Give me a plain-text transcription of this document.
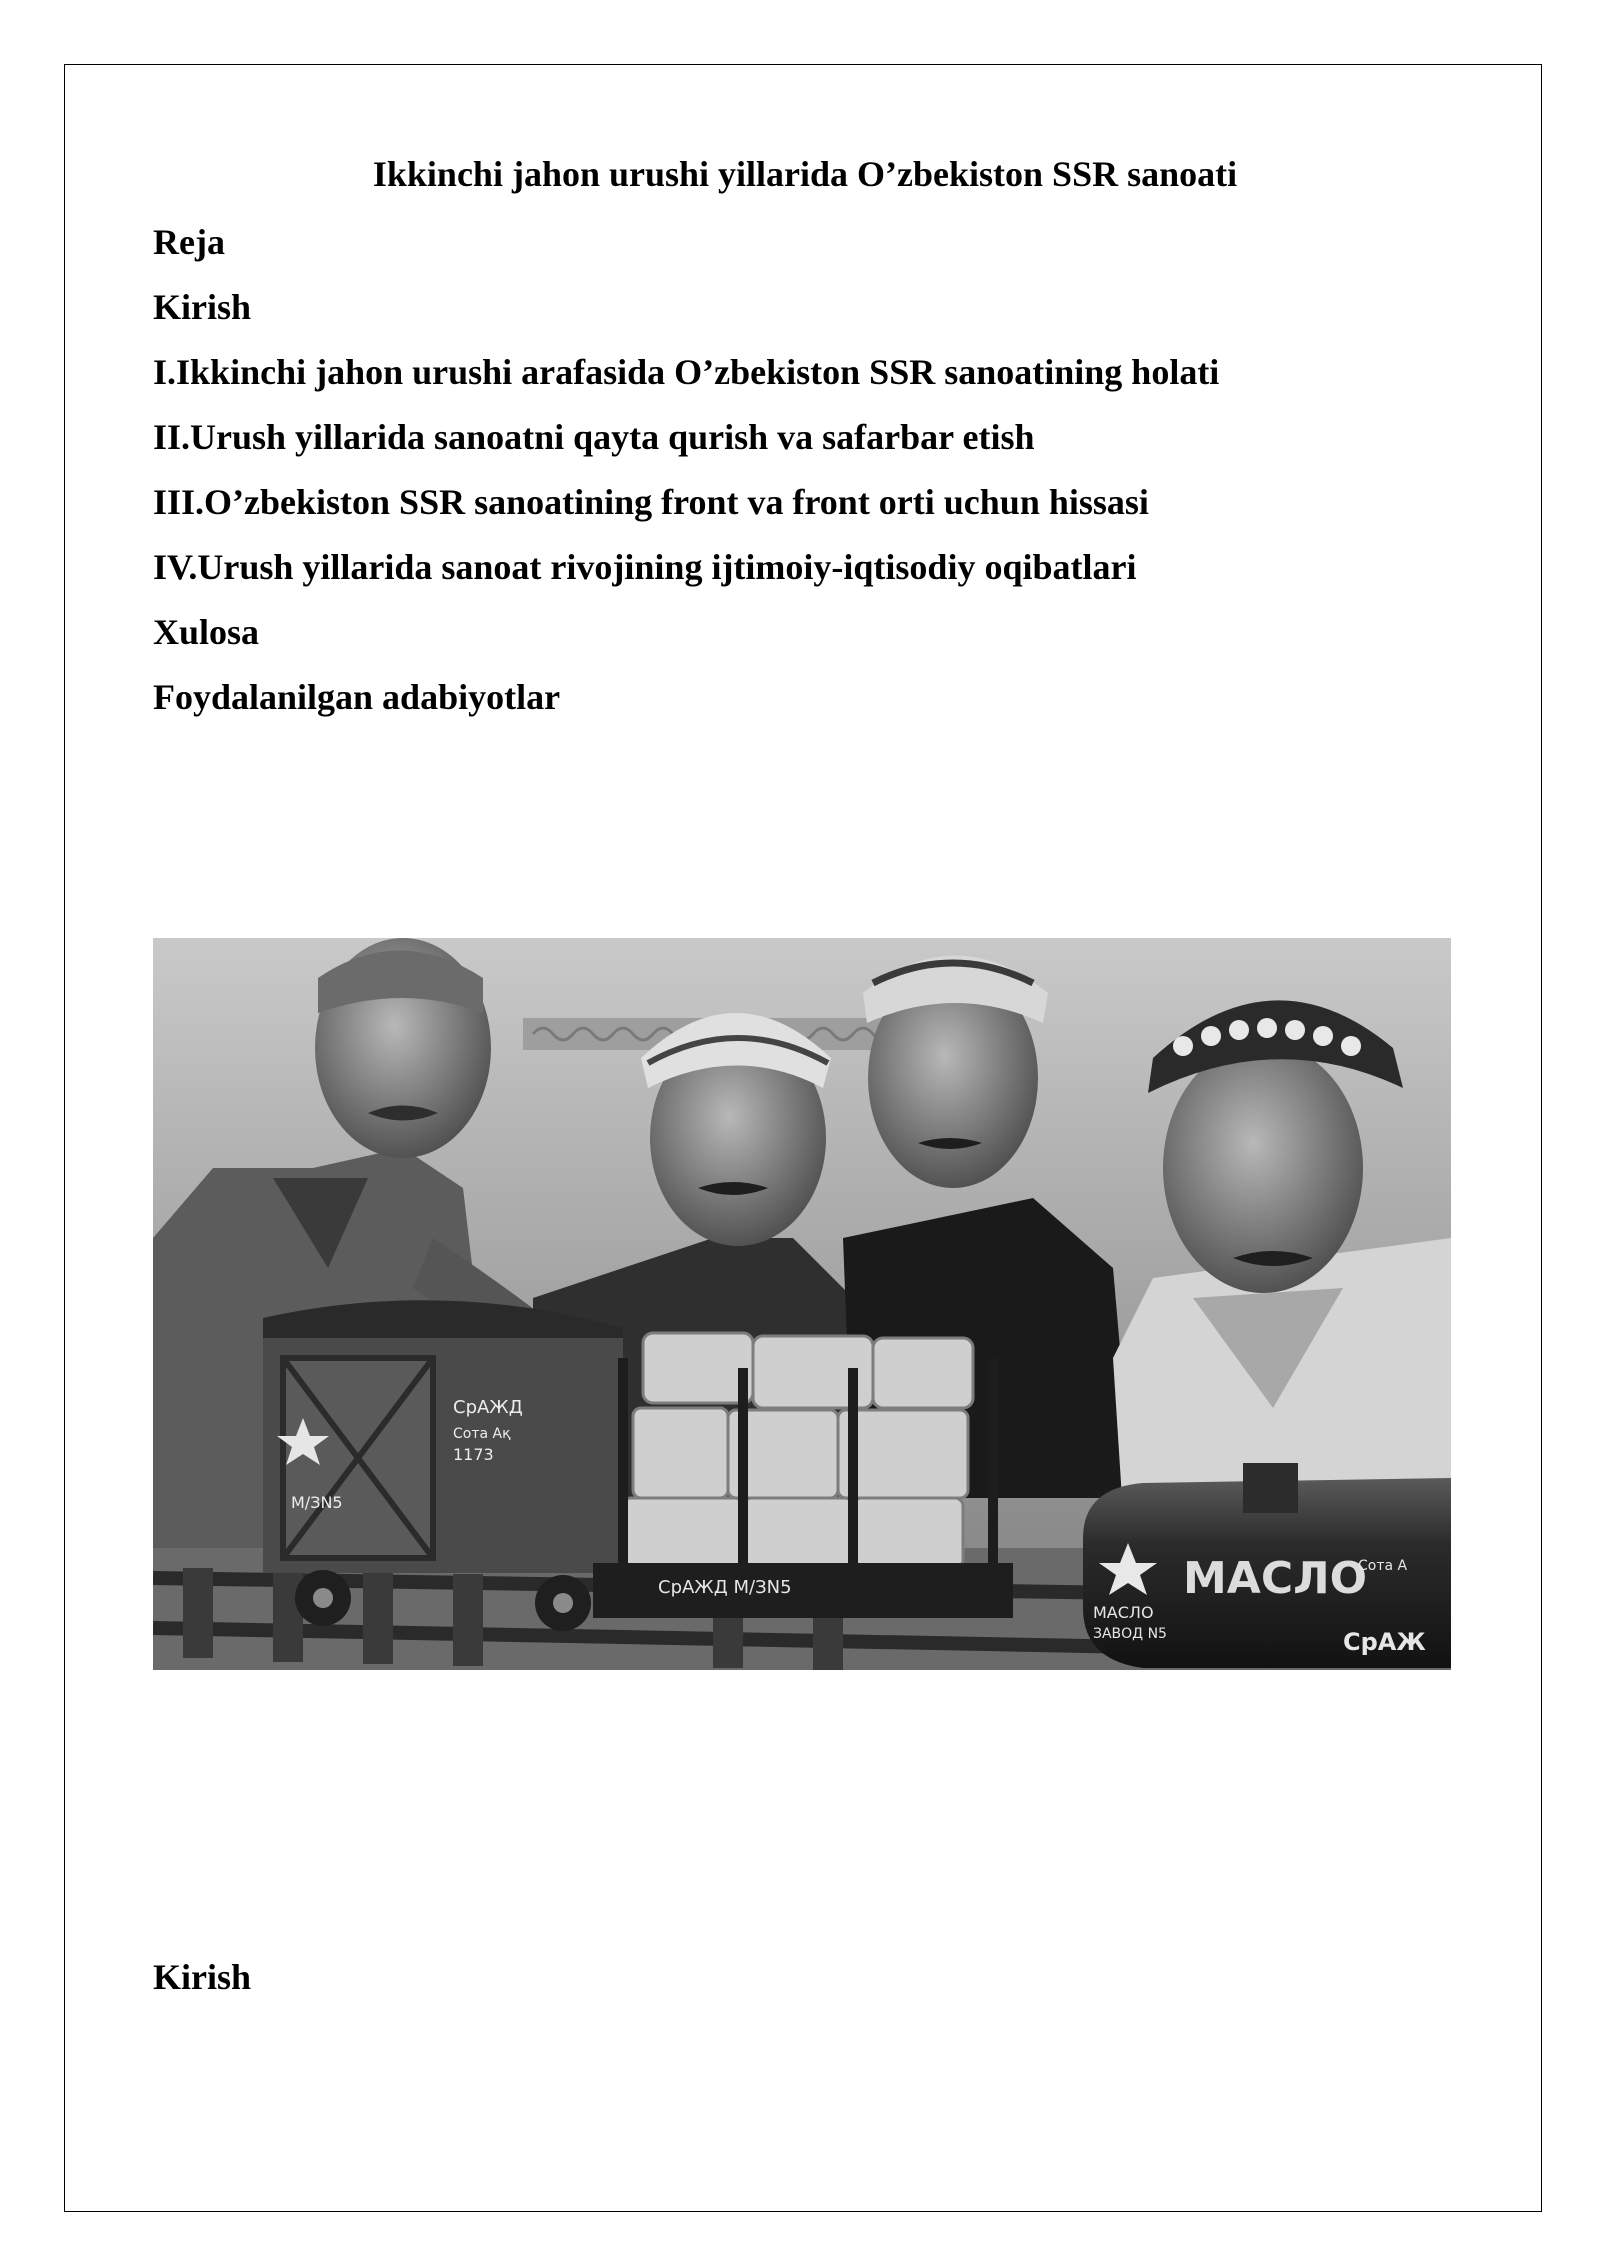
Ikkinchi jahon urushi yillarida O’zbekiston SSR sanoati
Reja
Kirish
I.Ikkinchi jahon urushi arafasida O’zbekiston SSR sanoatining holati
II.Urush yillarida sanoatni qayta qurish va safarbar etish
III.O’zbekiston SSR sanoatining front va front orti uchun hissasi
IV.Urush yillarida sanoat rivojining ijtimoiy-iqtisodiy oqibatlari
Xulosa
Foydalanilgan adabiyotlar
СрАЖД
Сота Ақ
1173
М/ЗN5
СрАЖД М/ЗN5	МАСЛО
МАСЛО
ЗАВОД N5
Сота А
СрАЖ
Kirish
